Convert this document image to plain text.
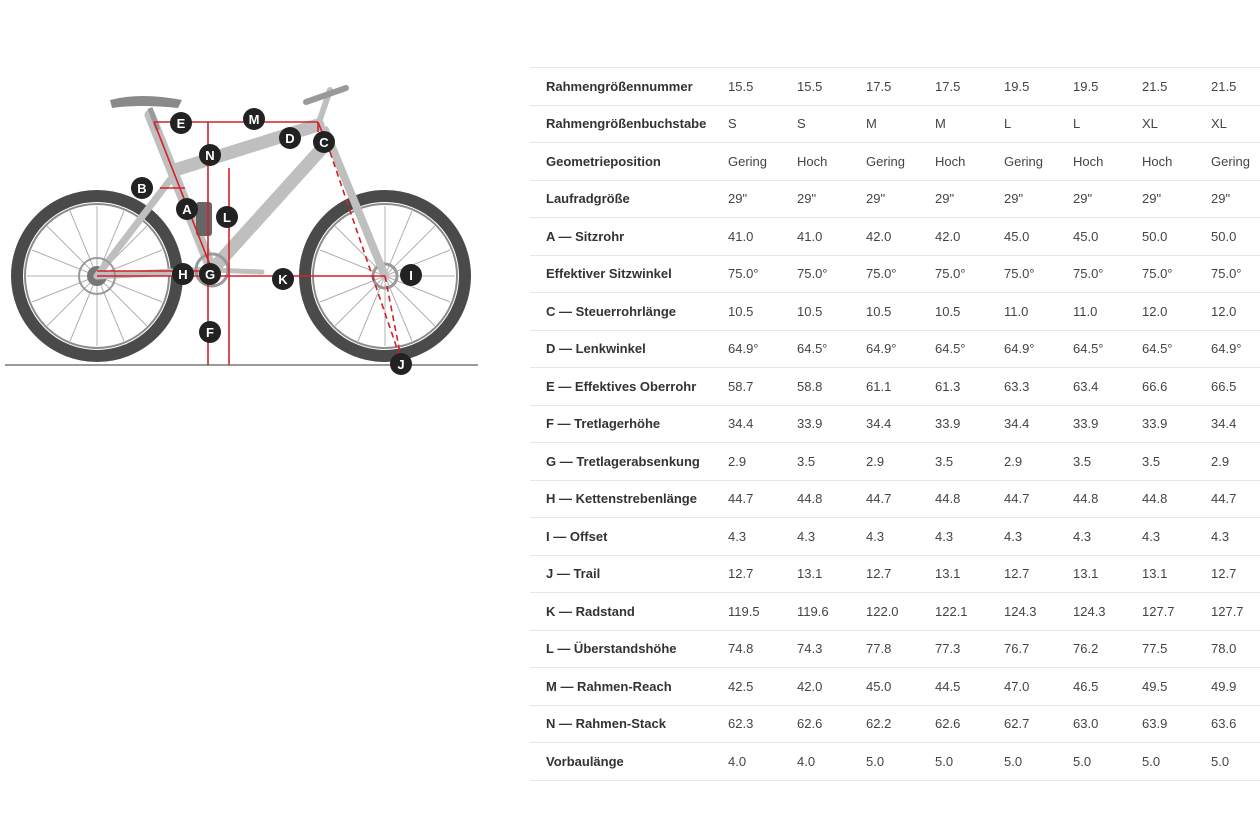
A
B
C
D
E
F
G
H	I
J
K
L
M
N
Rahmengrößennummer	15.5	15.5	17.5	17.5	19.5	19.5	21.5	21.5
Rahmengrößenbuchstabe	S	S	M	M	L	L	XL	XL
Geometrieposition	Gering	Hoch	Gering	Hoch	Gering	Hoch	Hoch	Gering
Laufradgröße	29"	29"	29"	29"	29"	29"	29"	29"
A — Sitzrohr	41.0	41.0	42.0	42.0	45.0	45.0	50.0	50.0
Effektiver Sitzwinkel	75.0°	75.0°	75.0°	75.0°	75.0°	75.0°	75.0°	75.0°
C — Steuerrohrlänge	10.5	10.5	10.5	10.5	11.0	11.0	12.0	12.0
D — Lenkwinkel	64.9°	64.5°	64.9°	64.5°	64.9°	64.5°	64.5°	64.9°
E — Effektives Oberrohr	58.7	58.8	61.1	61.3	63.3	63.4	66.6	66.5
F — Tretlagerhöhe	34.4	33.9	34.4	33.9	34.4	33.9	33.9	34.4
G — Tretlagerabsenkung	2.9	3.5	2.9	3.5	2.9	3.5	3.5	2.9
H — Kettenstrebenlänge	44.7	44.8	44.7	44.8	44.7	44.8	44.8	44.7
I — Offset	4.3	4.3	4.3	4.3	4.3	4.3	4.3	4.3
J — Trail	12.7	13.1	12.7	13.1	12.7	13.1	13.1	12.7
K — Radstand	119.5	119.6	122.0	122.1	124.3	124.3	127.7	127.7
L — Überstandshöhe	74.8	74.3	77.8	77.3	76.7	76.2	77.5	78.0
M — Rahmen-Reach	42.5	42.0	45.0	44.5	47.0	46.5	49.5	49.9
N — Rahmen-Stack	62.3	62.6	62.2	62.6	62.7	63.0	63.9	63.6
Vorbaulänge	4.0	4.0	5.0	5.0	5.0	5.0	5.0	5.0
